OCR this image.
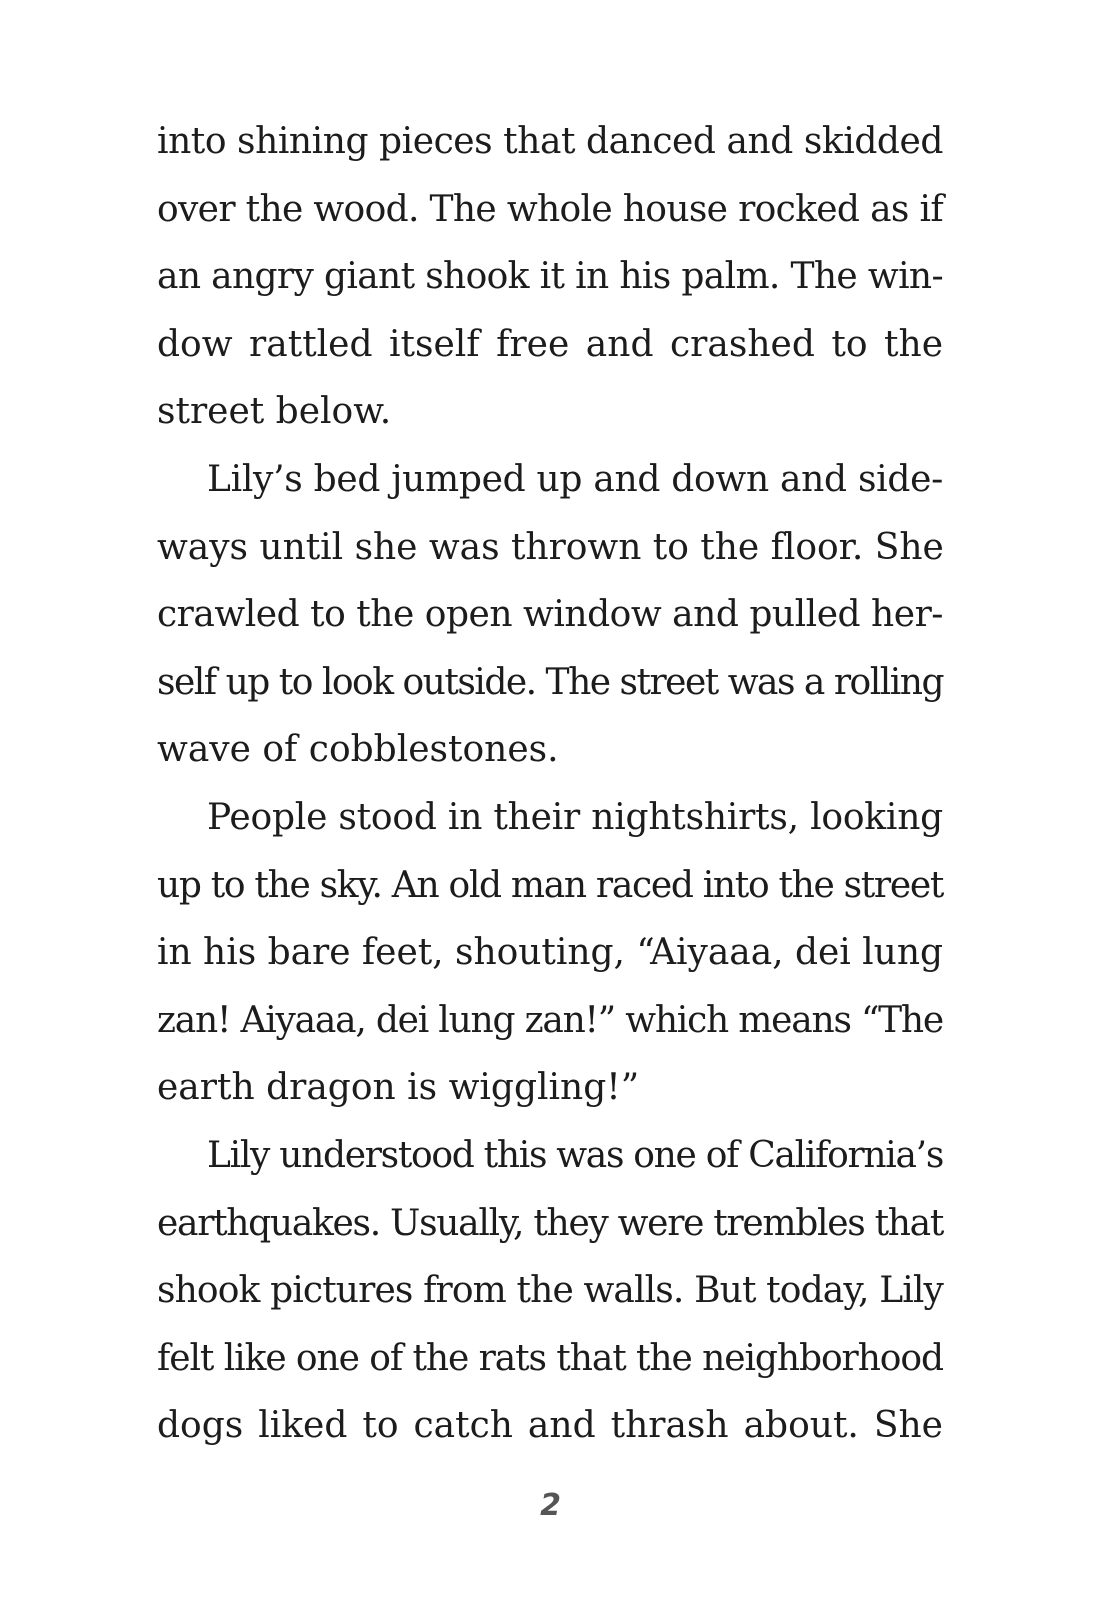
into shining pieces that danced and skidded
over the wood. The whole house rocked as if
an angry giant shook it in his palm. The win-
dow rattled itself free and crashed to the
street below.
Lily’s bed jumped up and down and side-
ways until she was thrown to the floor. She
crawled to the open window and pulled her-
self up to look outside. The street was a rolling
wave of cobblestones.
People stood in their nightshirts, looking
up to the sky. An old man raced into the street
in his bare feet, shouting, “Aiyaaa, dei lung
zan! Aiyaaa, dei lung zan!” which means “The
earth dragon is wiggling!”
Lily understood this was one of California’s
earthquakes. Usually, they were trembles that
shook pictures from the walls. But today, Lily
felt like one of the rats that the neighborhood
dogs liked to catch and thrash about. She
2
